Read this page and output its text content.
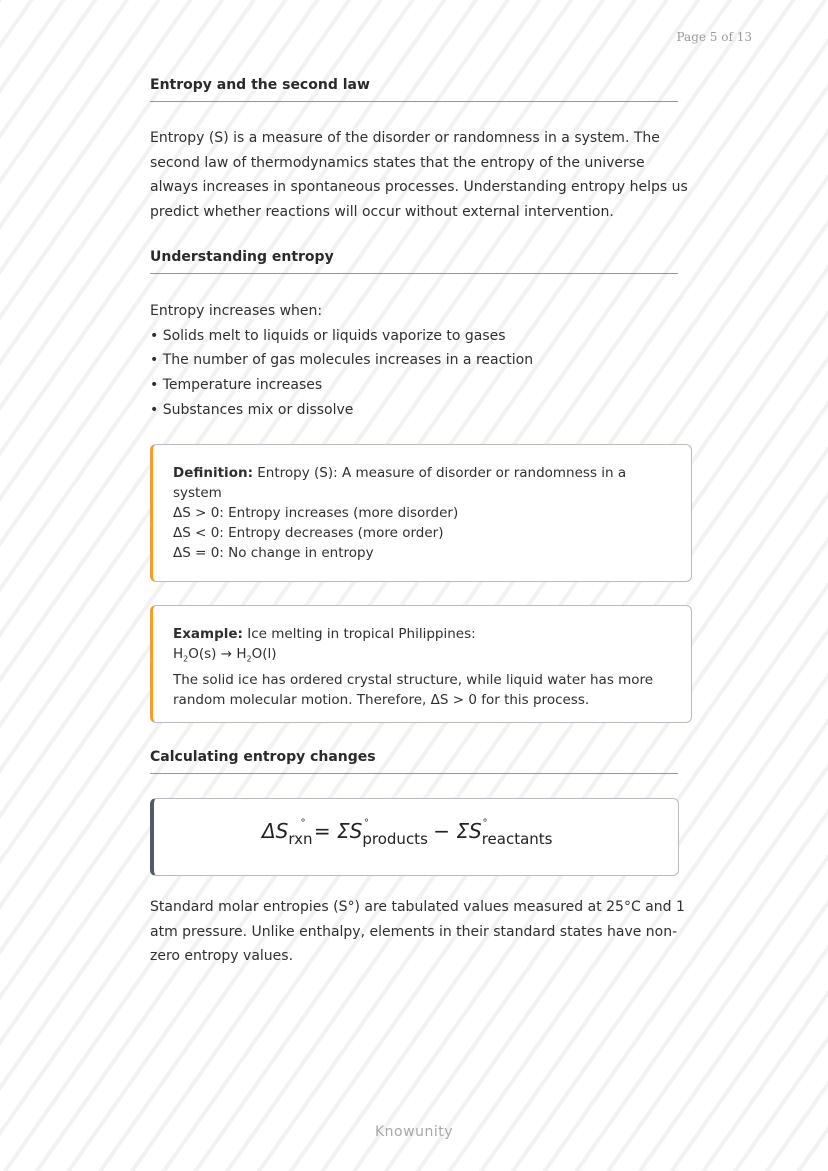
Page 5 of 13
Entropy and the second law
Entropy (S) is a measure of the disorder or randomness in a system. The
second law of thermodynamics states that the entropy of the universe
always increases in spontaneous processes. Understanding entropy helps us
predict whether reactions will occur without external intervention.
Understanding entropy
Entropy increases when:
• Solids melt to liquids or liquids vaporize to gases
• The number of gas molecules increases in a reaction
• Temperature increases
• Substances mix or dissolve
Definition: Entropy (S): A measure of disorder or randomness in a
system
ΔS > 0: Entropy increases (more disorder)
ΔS < 0: Entropy decreases (more order)
ΔS = 0: No change in entropy
Example: Ice melting in tropical Philippines:
$H_2O(s) \to H_2O(l)$
The solid ice has ordered crystal structure, while liquid water has more
random molecular motion. Therefore, ΔS > 0 for this process.
Calculating entropy changes
$\Delta S_{rxn}^\circ = \Sigma S_{products}^\circ$	− $\Sigma S_{reactants}^\circ$
Standard molar entropies (S°) are tabulated values measured at 25°C and 1
atm pressure. Unlike enthalpy, elements in their standard states have non-
zero entropy values.
Knowunity
